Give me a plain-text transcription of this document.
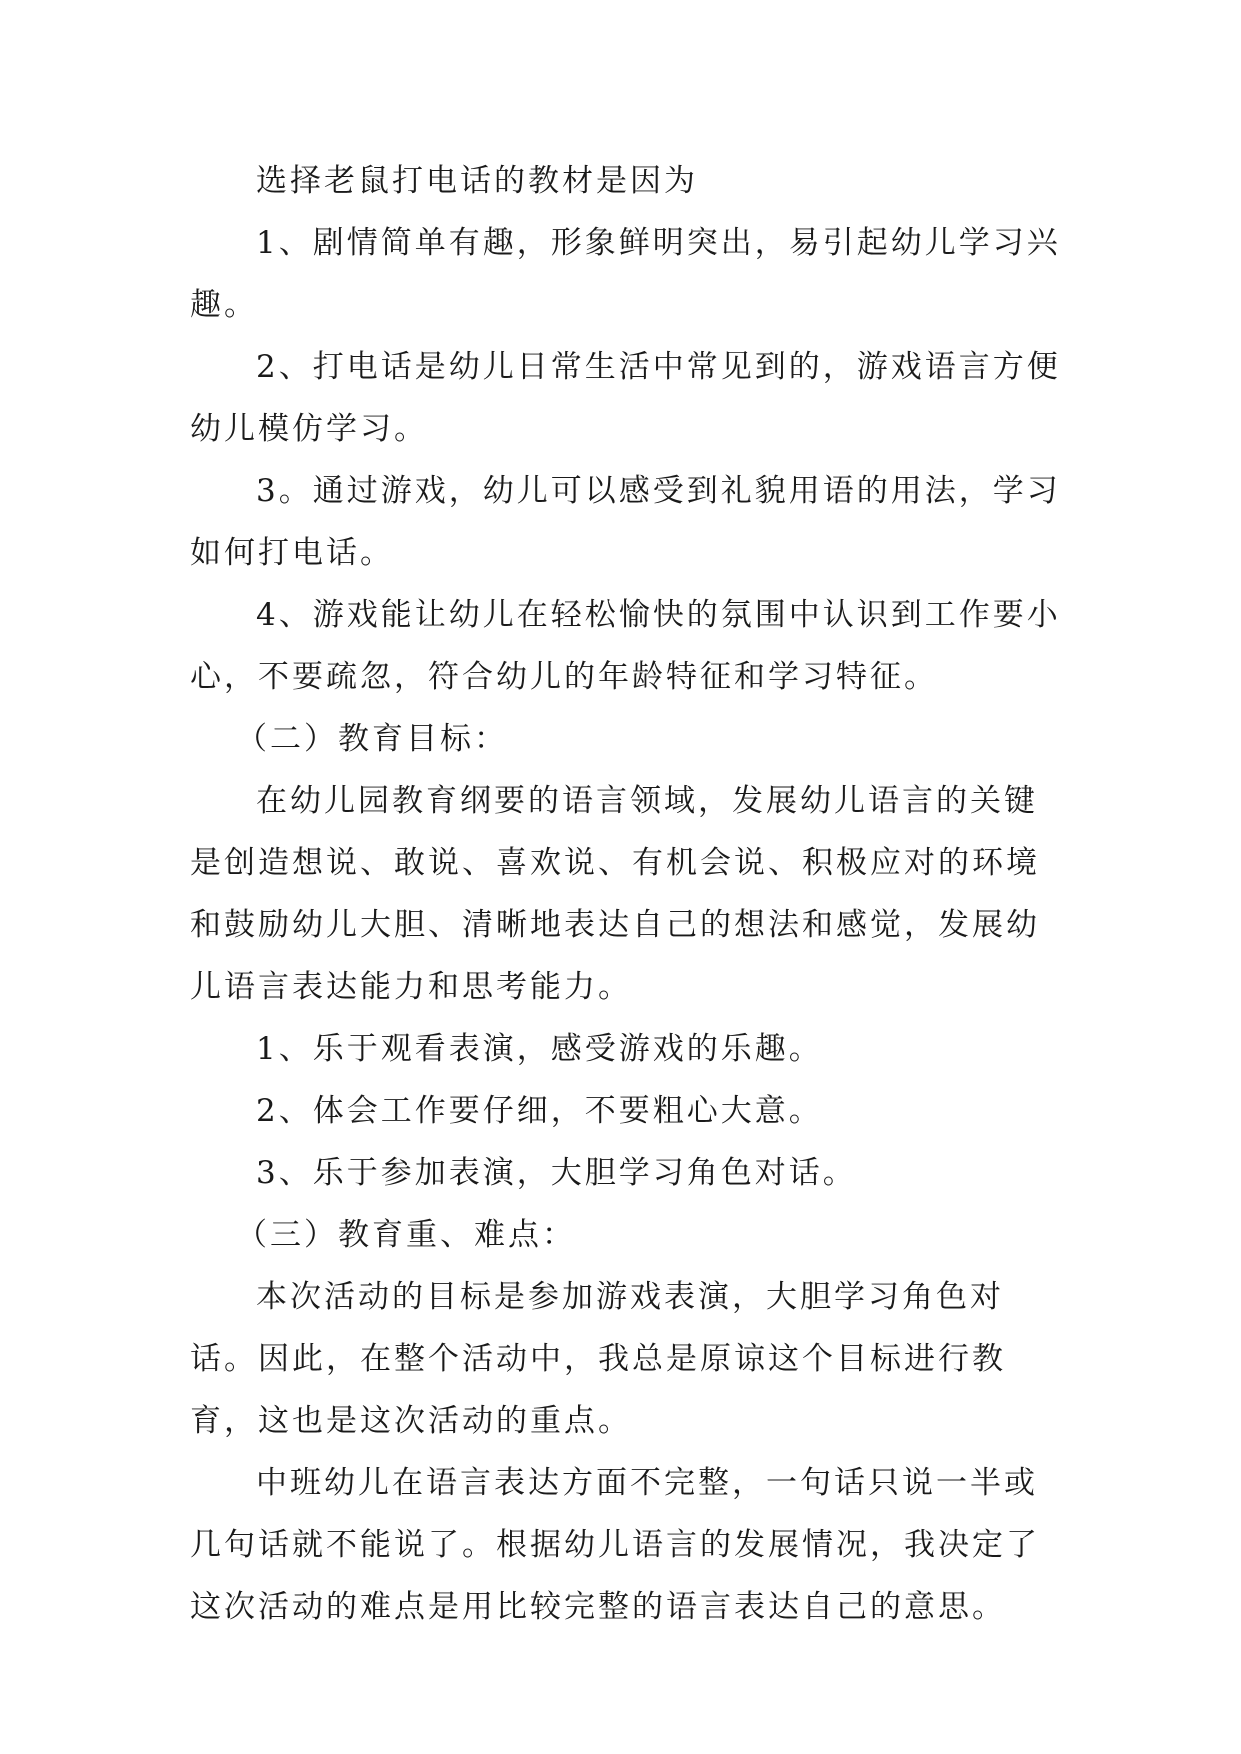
选择老鼠打电话的教材是因为

1、剧情简单有趣，形象鲜明突出，易引起幼儿学习兴趣。

2、打电话是幼儿日常生活中常见到的，游戏语言方便幼儿模仿学习。

3。通过游戏，幼儿可以感受到礼貌用语的用法，学习如何打电话。

4、游戏能让幼儿在轻松愉快的氛围中认识到工作要小心，不要疏忽，符合幼儿的年龄特征和学习特征。

（二）教育目标：

在幼儿园教育纲要的语言领域，发展幼儿语言的关键是创造想说、敢说、喜欢说、有机会说、积极应对的环境和鼓励幼儿大胆、清晰地表达自己的想法和感觉，发展幼儿语言表达能力和思考能力。

1、乐于观看表演，感受游戏的乐趣。

2、体会工作要仔细，不要粗心大意。

3、乐于参加表演，大胆学习角色对话。

（三）教育重、难点：

本次活动的目标是参加游戏表演，大胆学习角色对话。因此，在整个活动中，我总是原谅这个目标进行教育，这也是这次活动的重点。

中班幼儿在语言表达方面不完整，一句话只说一半或几句话就不能说了。根据幼儿语言的发展情况，我决定了这次活动的难点是用比较完整的语言表达自己的意思。
